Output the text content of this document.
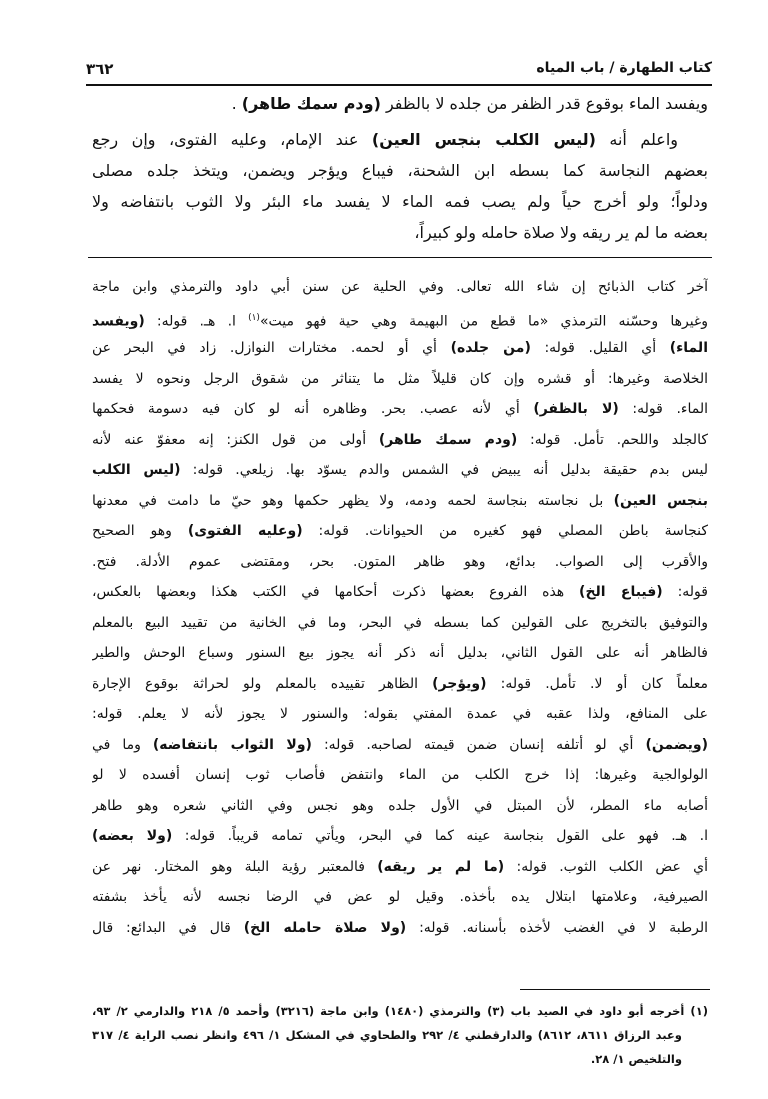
كتاب الطهارة / باب المياه
٣٦٢
ويفسد الماء بوقوع قدر الظفر من جلده لا بالظفر (ودم سمك طاهر) .
واعلم أنه (ليس الكلب بنجس العين) عند الإمام، وعليه الفتوى، وإن رجع
بعضهم النجاسة كما بسطه ابن الشحنة، فيباع ويؤجر ويضمن، ويتخذ جلده مصلى
ودلواً؛ ولو أخرج حياً ولم يصب فمه الماء لا يفسد ماء البئر ولا الثوب بانتفاضه ولا
بعضه ما لم ير ريقه ولا صلاة حامله ولو كبيراً،
آخر كتاب الذبائح إن شاء الله تعالى. وفي الحلية عن سنن أبي داود والترمذي وابن ماجة
وغيرها وحسّنه الترمذي «ما قطع من البهيمة وهي حية فهو ميت»$^{(١)}$ ا. هـ. قوله: (ويفسد
الماء) أي القليل. قوله: (من جلده) أي أو لحمه. مختارات النوازل. زاد في البحر عن
الخلاصة وغيرها: أو قشره وإن كان قليلاً مثل ما يتناثر من شقوق الرجل ونحوه لا يفسد
الماء. قوله: (لا بالظفر) أي لأنه عصب. بحر. وظاهره أنه لو كان فيه دسومة فحكمها
كالجلد واللحم. تأمل. قوله: (ودم سمك طاهر) أولى من قول الكنز: إنه معفوّ عنه لأنه
ليس بدم حقيقة بدليل أنه يبيض في الشمس والدم يسوّد بها. زيلعي. قوله: (ليس الكلب
بنجس العين) بل نجاسته بنجاسة لحمه ودمه، ولا يظهر حكمها وهو حيّ ما دامت في معدنها
كنجاسة باطن المصلي فهو كغيره من الحيوانات. قوله: (وعليه الفتوى) وهو الصحيح
والأقرب إلى الصواب. بدائع، وهو ظاهر المتون. بحر، ومقتضى عموم الأدلة. فتح.
قوله: (فيباع الخ) هذه الفروع بعضها ذكرت أحكامها في الكتب هكذا وبعضها بالعكس،
والتوفيق بالتخريج على القولين كما بسطه في البحر، وما في الخانية من تقييد البيع بالمعلم
فالظاهر أنه على القول الثاني، بدليل أنه ذكر أنه يجوز بيع السنور وسباع الوحش والطير
معلماً كان أو لا. تأمل. قوله: (ويؤجر) الظاهر تقييده بالمعلم ولو لحراثة بوقوع الإجارة
على المنافع، ولذا عقبه في عمدة المفتي بقوله: والسنور لا يجوز لأنه لا يعلم. قوله:
(ويضمن) أي لو أتلفه إنسان ضمن قيمته لصاحبه. قوله: (ولا الثواب بانتفاضه) وما في
الولوالجية وغيرها: إذا خرج الكلب من الماء وانتفض فأصاب ثوب إنسان أفسده لا لو
أصابه ماء المطر، لأن المبتل في الأول جلده وهو نجس وفي الثاني شعره وهو طاهر
ا. هـ. فهو على القول بنجاسة عينه كما في البحر، ويأتي تمامه قريباً. قوله: (ولا بعضه)
أي عض الكلب الثوب. قوله: (ما لم ير ريقه) فالمعتبر رؤية البلة وهو المختار. نهر عن
الصيرفية، وعلامتها ابتلال يده بأخذه. وقيل لو عض في الرضا نجسه لأنه يأخذ بشفته
الرطبة لا في الغضب لأخذه بأسنانه. قوله: (ولا صلاة حامله الخ) قال في البدائع: قال
(١) أخرجه أبو داود في الصيد باب (٣) والترمذي (١٤٨٠) وابن ماجة (٣٢١٦) وأحمد ٥/ ٢١٨ والدارمي ٢/ ٩٣،
وعبد الرزاق ٨٦١١، ٨٦١٢) والدارقطني ٤/ ٢٩٢ والطحاوي في المشكل ١/ ٤٩٦ وانظر نصب الراية ٤/ ٣١٧
والتلخيص ١/ ٢٨.
